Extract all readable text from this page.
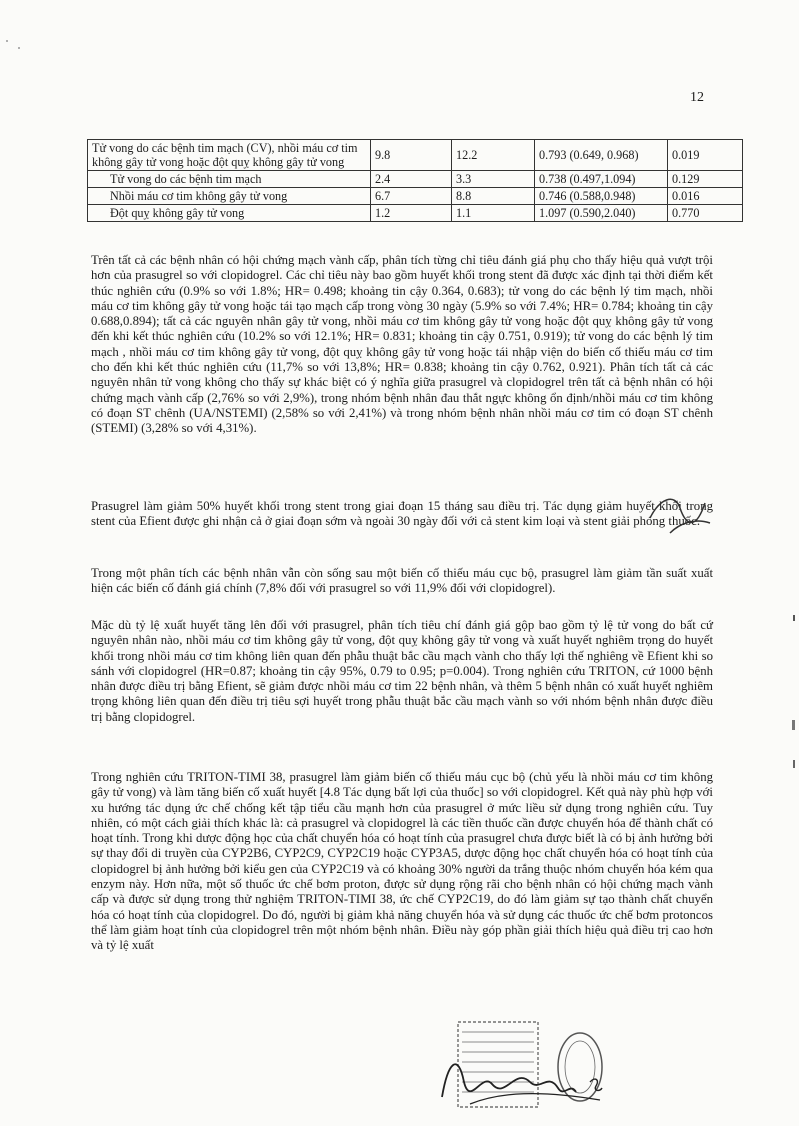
12
Tử vong do các bệnh tim mạch (CV), nhồi máu cơ tim không gây tử vong hoặc đột quỵ không gây tử vong	9.8	12.2	0.793 (0.649, 0.968)	0.019
Tử vong do các bệnh tim mạch	2.4	3.3	0.738 (0.497,1.094)	0.129
Nhồi máu cơ tim không gây tử vong	6.7	8.8	0.746 (0.588,0.948)	0.016
Đột quỵ không gây tử vong	1.2	1.1	1.097 (0.590,2.040)	0.770

Trên tất cả các bệnh nhân có hội chứng mạch vành cấp, phân tích từng chỉ tiêu đánh giá phụ cho thấy hiệu quả vượt trội hơn của prasugrel so với clopidogrel. Các chỉ tiêu này bao gồm huyết khối trong stent đã được xác định tại thời điểm kết thúc nghiên cứu (0.9% so với 1.8%; HR= 0.498; khoảng tin cậy 0.364, 0.683); tử vong do các bệnh lý tim mạch, nhồi máu cơ tim không gây tử vong hoặc tái tạo mạch cấp trong vòng 30 ngày (5.9% so với 7.4%; HR= 0.784; khoảng tin cậy 0.688,0.894); tất cả các nguyên nhân gây tử vong, nhồi máu cơ tim không gây tử vong hoặc đột quỵ không gây tử vong đến khi kết thúc nghiên cứu (10.2% so với 12.1%; HR= 0.831; khoảng tin cậy 0.751, 0.919); tử vong do các bệnh lý tim mạch , nhồi máu cơ tim không gây tử vong, đột quỵ không gây tử vong hoặc tái nhập viện do biến cố thiếu máu cơ tim cho đến khi kết thúc nghiên cứu (11,7% so với 13,8%; HR= 0.838; khoảng tin cậy 0.762, 0.921). Phân tích tất cả các nguyên nhân tử vong không cho thấy sự khác biệt có ý nghĩa giữa prasugrel và clopidogrel trên tất cả bệnh nhân có hội chứng mạch vành cấp (2,76% so với 2,9%), trong nhóm bệnh nhân đau thắt ngực không ổn định/nhồi máu cơ tim không có đoạn ST chênh (UA/NSTEMI) (2,58% so với 2,41%) và trong nhóm bệnh nhân nhồi máu cơ tim có đoạn ST chênh (STEMI) (3,28% so với 4,31%).

Prasugrel làm giảm 50% huyết khối trong stent trong giai đoạn 15 tháng sau điều trị. Tác dụng giảm huyết khối trong stent của Efient được ghi nhận cả ở giai đoạn sớm và ngoài 30 ngày đối với cả stent kim loại và stent giải phóng thuốc.

Trong một phân tích các bệnh nhân vẫn còn sống sau một biến cố thiếu máu cục bộ, prasugrel làm giảm tần suất xuất hiện các biến cố đánh giá chính (7,8% đối với prasugrel so với 11,9% đối với clopidogrel).

Mặc dù tỷ lệ xuất huyết tăng lên đối với prasugrel, phân tích tiêu chí đánh giá gộp bao gồm tỷ lệ tử vong do bất cứ nguyên nhân nào, nhồi máu cơ tim không gây tử vong, đột quỵ không gây tử vong và xuất huyết nghiêm trọng do huyết khối trong nhồi máu cơ tim không liên quan đến phẫu thuật bắc cầu mạch vành cho thấy lợi thế nghiêng về Efient khi so sánh với clopidogrel (HR=0.87; khoảng tin cậy 95%, 0.79 to 0.95; p=0.004). Trong nghiên cứu TRITON, cứ 1000 bệnh nhân được điều trị bằng Efient, sẽ giảm được nhồi máu cơ tim 22 bệnh nhân, và thêm 5 bệnh nhân có xuất huyết nghiêm trọng không liên quan đến điều trị tiêu sợi huyết trong phẫu thuật bắc cầu mạch vành so với nhóm bệnh nhân được điều trị bằng clopidogrel.

Trong nghiên cứu TRITON-TIMI 38, prasugrel làm giảm biến cố thiếu máu cục bộ (chủ yếu là nhồi máu cơ tim không gây tử vong) và làm tăng biến cố xuất huyết [4.8 Tác dụng bất lợi của thuốc] so với clopidogrel. Kết quả này phù hợp với xu hướng tác dụng ức chế chống kết tập tiểu cầu mạnh hơn của prasugrel ở mức liều sử dụng trong nghiên cứu. Tuy nhiên, có một cách giải thích khác là: cả prasugrel và clopidogrel là các tiền thuốc cần được chuyển hóa để thành chất có hoạt tính. Trong khi dược động học của chất chuyển hóa có hoạt tính của prasugrel chưa được biết là có bị ảnh hưởng bởi sự thay đổi di truyền của CYP2B6, CYP2C9, CYP2C19 hoặc CYP3A5, dược động học chất chuyển hóa có hoạt tính của clopidogrel bị ảnh hưởng bởi kiểu gen của CYP2C19 và có khoảng 30% người da trắng thuộc nhóm chuyển hóa kém qua enzym này. Hơn nữa, một số thuốc ức chế bơm proton, được sử dụng rộng rãi cho bệnh nhân có hội chứng mạch vành cấp và được sử dụng trong thử nghiệm TRITON-TIMI 38, ức chế CYP2C19, do đó làm giảm sự tạo thành chất chuyển hóa có hoạt tính của clopidogrel. Do đó, người bị giảm khả năng chuyển hóa và sử dụng các thuốc ức chế bơm protoncos thể làm giảm hoạt tính của clopidogrel trên một nhóm bệnh nhân. Điều này góp phần giải thích hiệu quả điều trị cao hơn và tỷ lệ xuất
